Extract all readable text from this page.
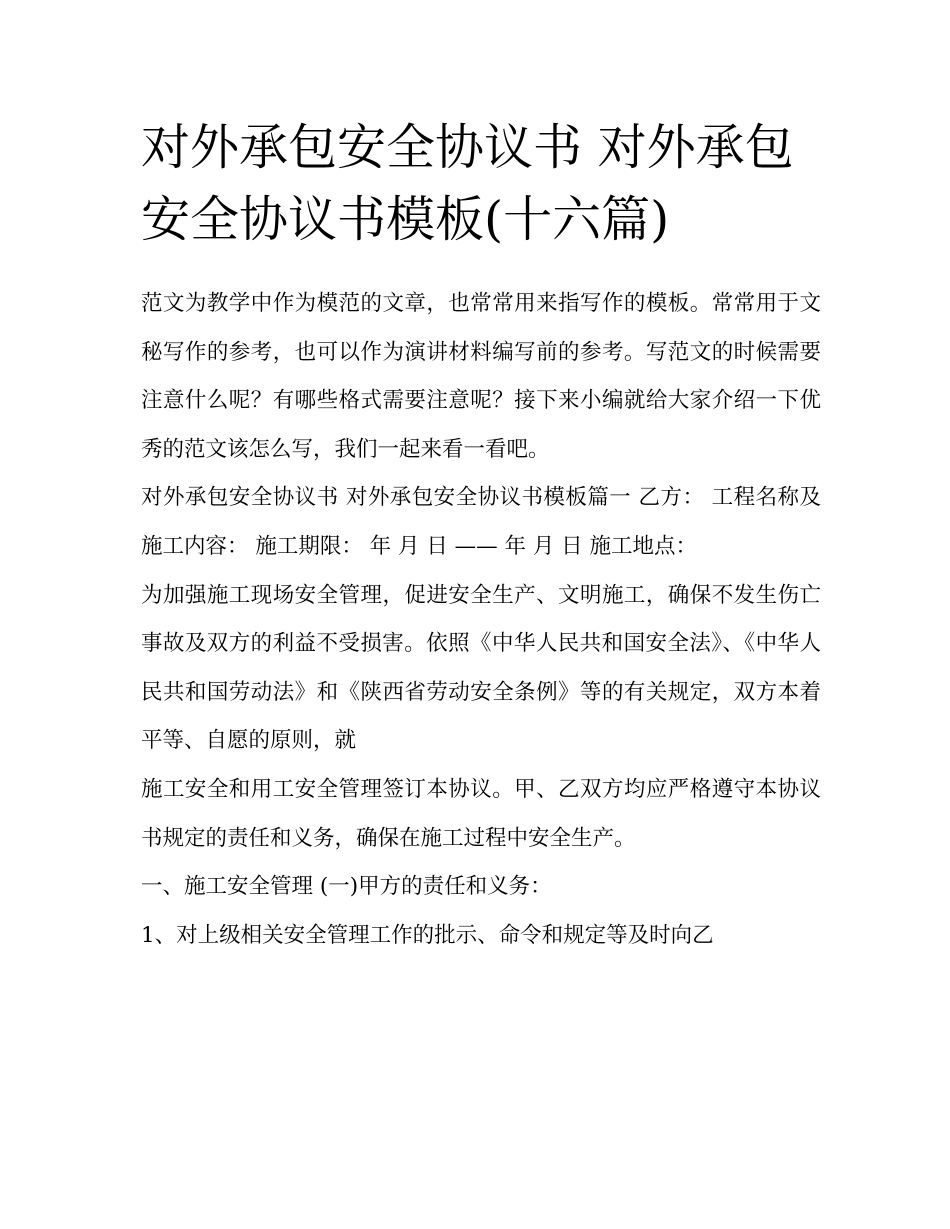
对外承包安全协议书 对外承包安全协议书模板(十六篇)

范文为教学中作为模范的文章，也常常用来指写作的模板。常常用于文秘写作的参考，也可以作为演讲材料编写前的参考。写范文的时候需要注意什么呢？有哪些格式需要注意呢？接下来小编就给大家介绍一下优秀的范文该怎么写，我们一起来看一看吧。

对外承包安全协议书 对外承包安全协议书模板篇一 乙方： 工程名称及施工内容： 施工期限： 年 月 日 —— 年 月 日 施工地点：

为加强施工现场安全管理，促进安全生产、文明施工，确保不发生伤亡事故及双方的利益不受损害。依照《中华人民共和国安全法》、《中华人民共和国劳动法》和《陕西省劳动安全条例》等的有关规定，双方本着平等、自愿的原则，就

施工安全和用工安全管理签订本协议。甲、乙双方均应严格遵守本协议书规定的责任和义务，确保在施工过程中安全生产。

一、施工安全管理 (一)甲方的责任和义务：

1、对上级相关安全管理工作的批示、命令和规定等及时向乙
